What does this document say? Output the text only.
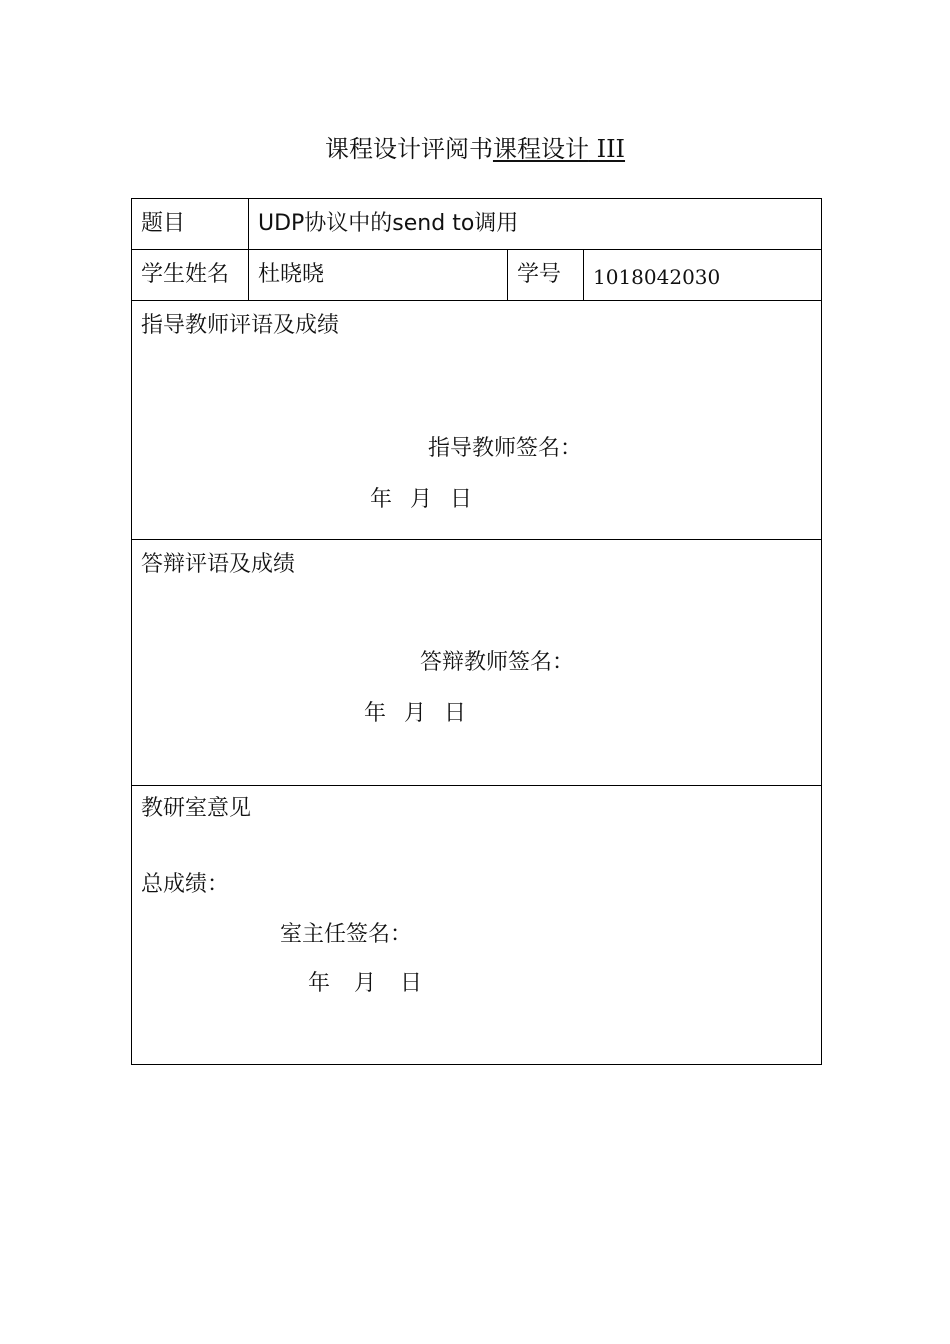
课程设计评阅书课程设计 III
题目	UDP协议中的send to调用
学生姓名	杜晓晓	学号	1018042030
指导教师评语及成绩
指导教师签名：
年 月 日
答辩评语及成绩
答辩教师签名：
年 月 日
教研室意见
总成绩：
室主任签名：
年 月 日
